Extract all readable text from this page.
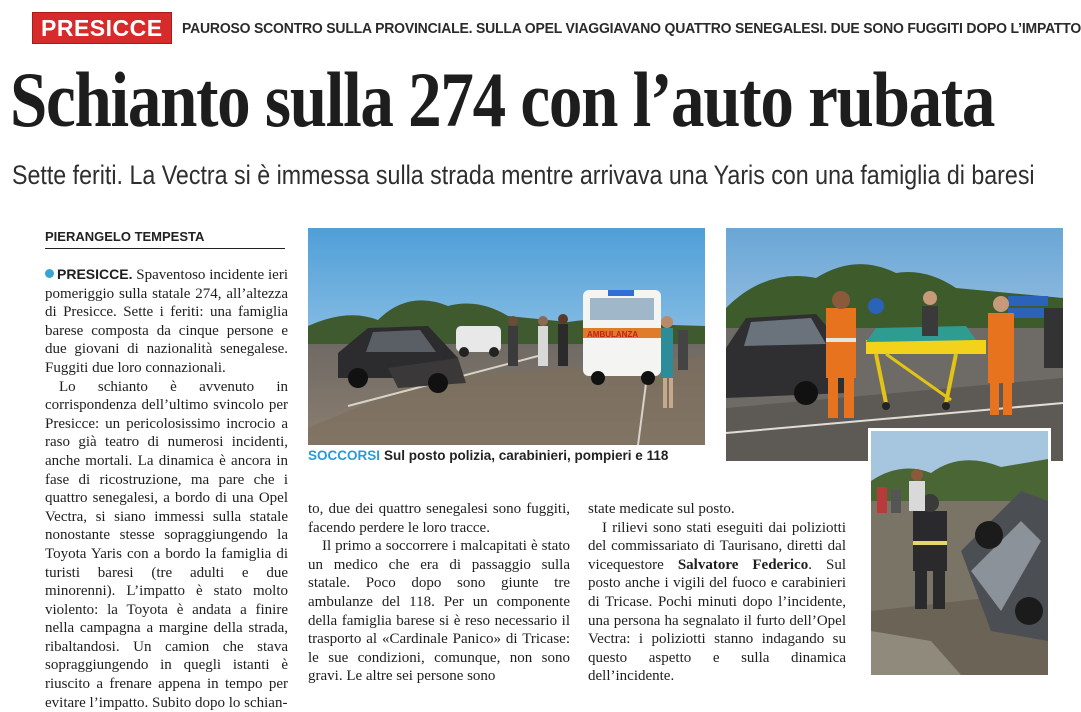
PRESICCE	PAUROSO SCONTRO SULLA PROVINCIALE. SULLA OPEL VIAGGIAVANO QUATTRO SENEGALESI. DUE SONO FUGGITI DOPO L’IMPATTO
Schianto sulla 274 con l’auto rubata
Sette feriti. La Vectra si è immessa sulla strada mentre arrivava una Yaris con una famiglia di baresi
PIERANGELO TEMPESTA

PRESICCE. Spaventoso incidente ieri pomeriggio sulla statale 274, all’altezza di Presicce. Sette i feriti: una famiglia barese composta da cinque persone e due giovani di nazionalità senegalese. Fuggiti due loro connazionali.

Lo schianto è avvenuto in corrispondenza dell’ultimo svincolo per Presicce: un pericolosissimo incrocio a raso già teatro di numerosi incidenti, anche mortali. La dinamica è ancora in fase di ricostruzione, ma pare che i quattro senegalesi, a bordo di una Opel Vectra, si siano immessi sulla statale nonostante stesse sopraggiungendo la Toyota Yaris con a bordo la famiglia di turisti baresi (tre adulti e due minorenni). L’impatto è stato molto violento: la Toyota è andata a finire nella campagna a margine della strada, ribaltandosi. Un camion che stava sopraggiungendo in quegli istanti è riuscito a frenare appena in tempo per evitare l’impatto. Subito dopo lo schian-

AMBULANZA
SOCCORSI Sul posto polizia, carabinieri, pompieri e 118

to, due dei quattro senegalesi sono fuggiti, facendo perdere le loro tracce.

Il primo a soccorrere i malcapitati è stato un medico che era di passaggio sulla statale. Poco dopo sono giunte tre ambulanze del 118. Per un componente della famiglia barese si è reso necessario il trasporto al «Cardinale Panico» di Tricase: le sue condizioni, comunque, non sono gravi. Le altre sei persone sono

state medicate sul posto.

I rilievi sono stati eseguiti dai poliziotti del commissariato di Taurisano, diretti dal vicequestore Salvatore Federico. Sul posto anche i vigili del fuoco e carabinieri di Tricase. Pochi minuti dopo l’incidente, una persona ha segnalato il furto dell’Opel Vectra: i poliziotti stanno indagando su questo aspetto e sulla dinamica dell’incidente.
